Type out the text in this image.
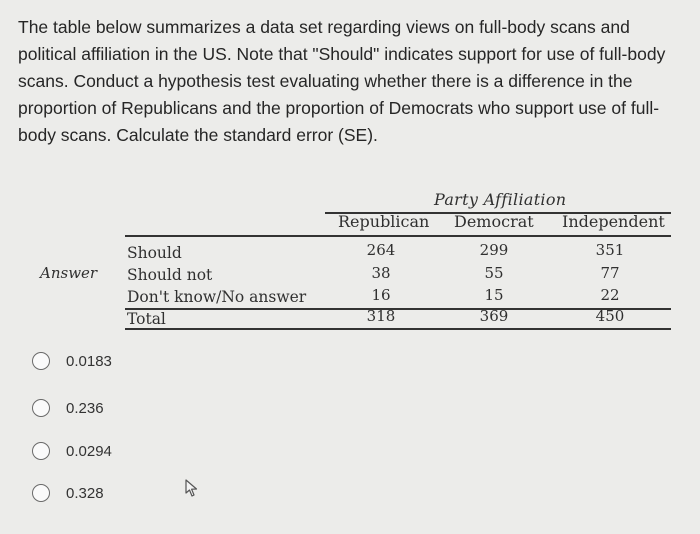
The table below summarizes a data set regarding views on full-body scans and political affiliation in the US. Note that "Should" indicates support for use of full-body scans. Conduct a hypothesis test evaluating whether there is a difference in the proportion of Republicans and the proportion of Democrats who support use of full-body scans. Calculate the standard error (SE).
Party Affiliation
Republican Democrat Independent
Answer
Should	264	299	351
Should not	38	55	77
Don't know/No answer	16	15	22
Total	318	369	450
0.0183
0.236
0.0294
0.328
